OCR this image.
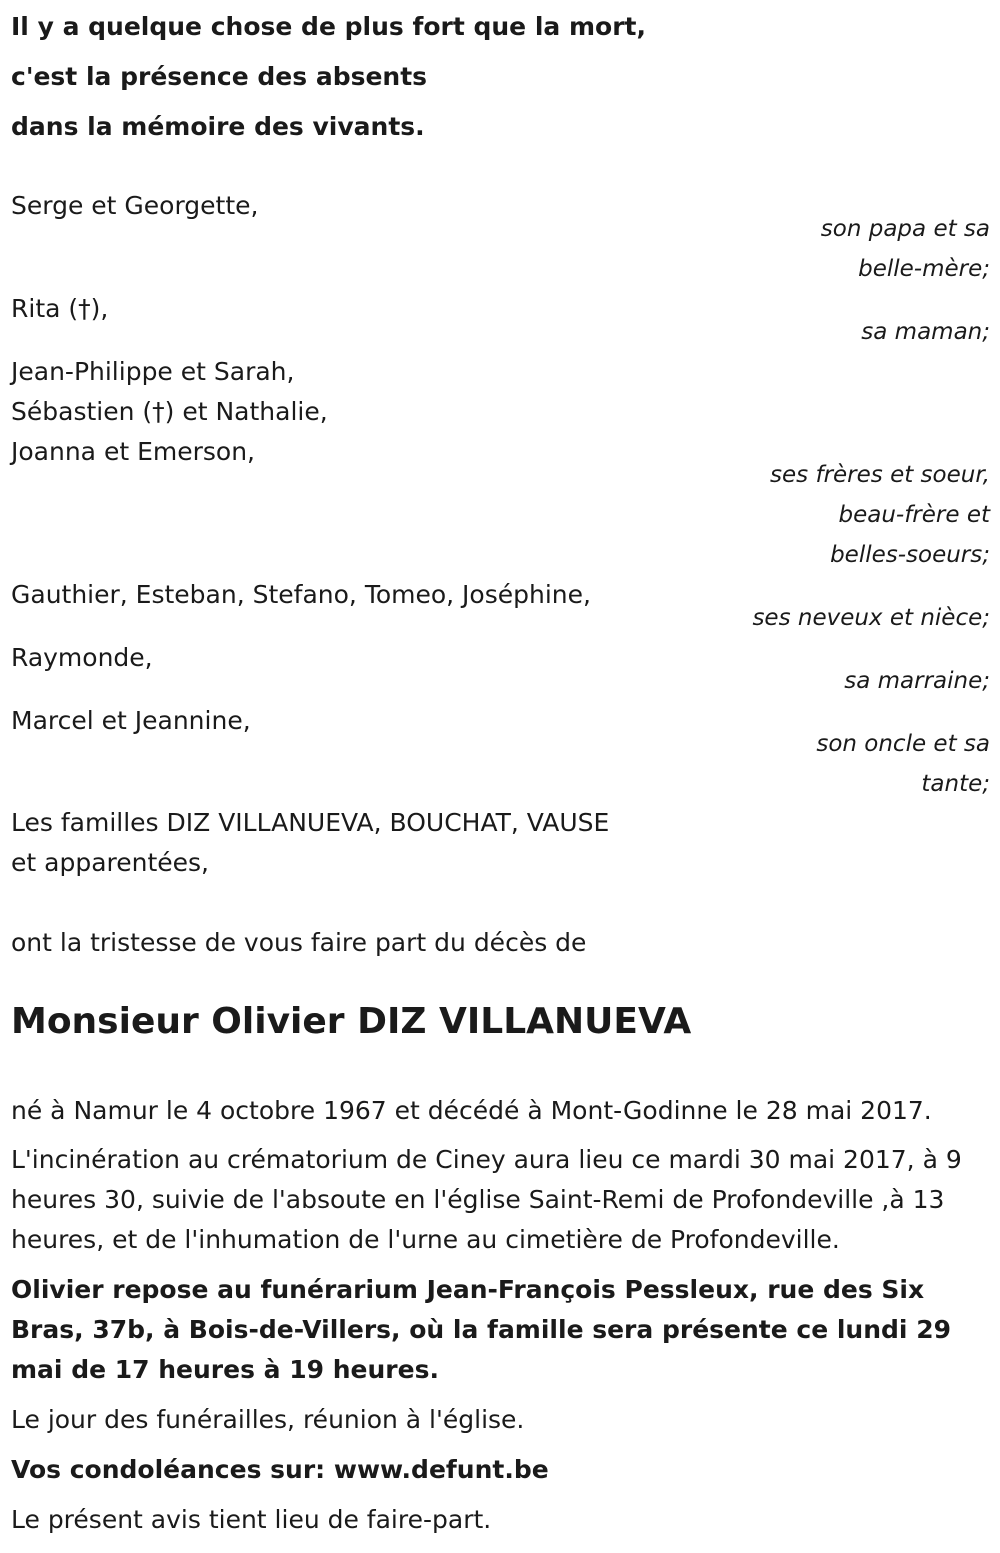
Il y a quelque chose de plus fort que la mort,

c'est la présence des absents

dans la mémoire des vivants.

Serge et Georgette,

son papa et sa

belle-mère;

Rita (†),

sa maman;

Jean-Philippe et Sarah,

Sébastien (†) et Nathalie,

Joanna et Emerson,

ses frères et soeur,

beau-frère et

belles-soeurs;

Gauthier, Esteban, Stefano, Tomeo, Joséphine,

ses neveux et nièce;

Raymonde,

sa marraine;

Marcel et Jeannine,

son oncle et sa

tante;

Les familles DIZ VILLANUEVA, BOUCHAT, VAUSE

et apparentées,

ont la tristesse de vous faire part du décès de

Monsieur Olivier DIZ VILLANUEVA

né à Namur le 4 octobre 1967 et décédé à Mont-Godinne le 28 mai 2017.

L'incinération au crématorium de Ciney aura lieu ce mardi 30 mai 2017, à 9 heures 30, suivie de l'absoute en l'église Saint-Remi de Profondeville ,à 13 heures, et de l'inhumation de l'urne au cimetière de Profondeville.

Olivier repose au funérarium Jean-François Pessleux, rue des Six Bras, 37b, à Bois-de-Villers, où la famille sera présente ce lundi 29 mai de 17 heures à 19 heures.

Le jour des funérailles, réunion à l'église.

Vos condoléances sur: www.defunt.be

Le présent avis tient lieu de faire-part.
